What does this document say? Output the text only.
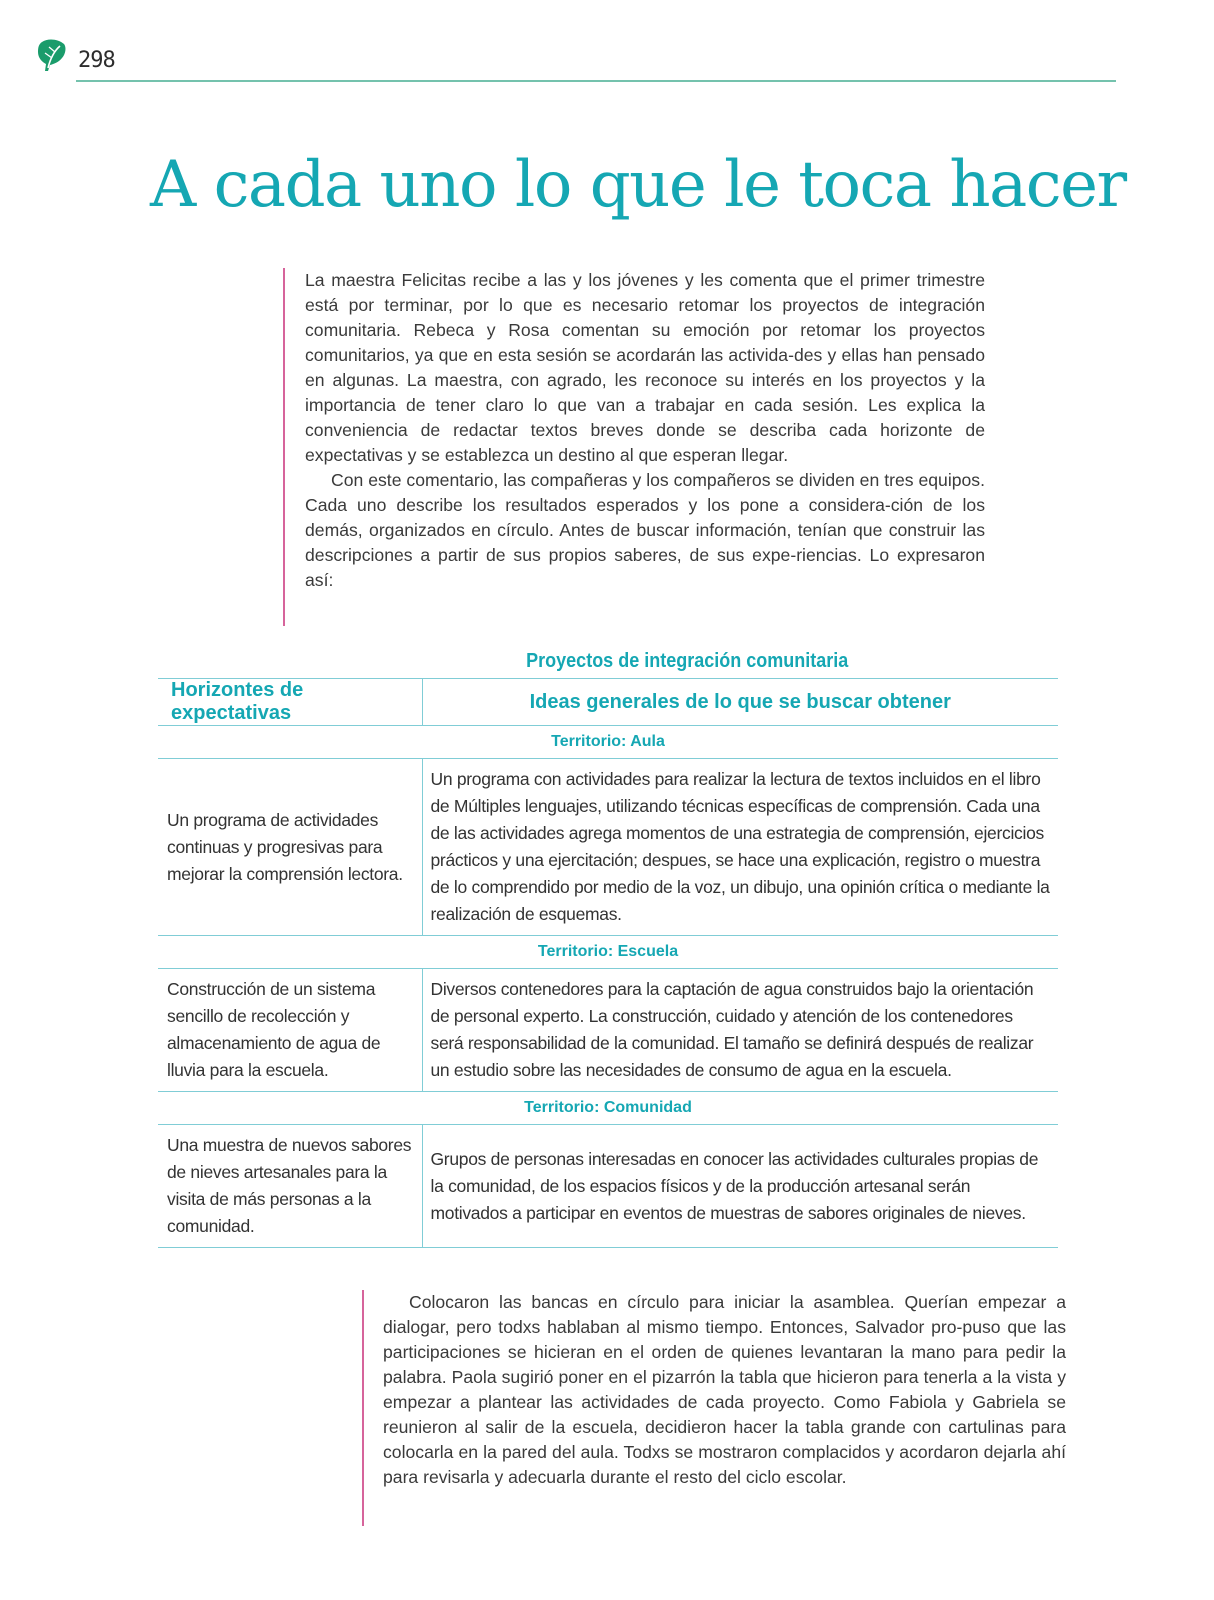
298
A cada uno lo que le toca hacer

La maestra Felicitas recibe a las y los jóvenes y les comenta que el primer trimestre está por terminar, por lo que es necesario retomar los proyectos de integración comunitaria. Rebeca y Rosa comentan su emoción por retomar los proyectos comunitarios, ya que en esta sesión se acordarán las activida-des y ellas han pensado en algunas. La maestra, con agrado, les reconoce su interés en los proyectos y la importancia de tener claro lo que van a trabajar en cada sesión. Les explica la conveniencia de redactar textos breves donde se describa cada horizonte de expectativas y se establezca un destino al que esperan llegar.

Con este comentario, las compañeras y los compañeros se dividen en tres equipos. Cada uno describe los resultados esperados y los pone a considera-ción de los demás, organizados en círculo. Antes de buscar información, tenían que construir las descripciones a partir de sus propios saberes, de sus expe-riencias. Lo expresaron así:

Proyectos de integración comunitaria
Horizontes de expectativas	Ideas generales de lo que se buscar obtener
Territorio: Aula	
Un programa de actividades continuas y progresivas para mejorar la comprensión lectora.	Un programa con actividades para realizar la lectura de textos incluidos en el libro de Múltiples lenguajes, utilizando técnicas específicas de comprensión. Cada una de las actividades agrega momentos de una estrategia de comprensión, ejercicios prácticos y una ejercitación; despues, se hace una explicación, registro o muestra de lo comprendido por medio de la voz, un dibujo, una opinión crítica o mediante la realización de esquemas.
Territorio: Escuela	
Construcción de un sistema sencillo de recolección y almacenamiento de agua de lluvia para la escuela.	Diversos contenedores para la captación de agua construidos bajo la orientación de personal experto. La construcción, cuidado y atención de los contenedores será responsabilidad de la comunidad. El tamaño se definirá después de realizar un estudio sobre las necesidades de consumo de agua en la escuela.
Territorio: Comunidad	
Una muestra de nuevos sabores de nieves artesanales para la visita de más personas a la comunidad.	Grupos de personas interesadas en conocer las actividades culturales propias de la comunidad, de los espacios físicos y de la producción artesanal serán motivados a participar en eventos de muestras de sabores originales de nieves.

Colocaron las bancas en círculo para iniciar la asamblea. Querían empezar a dialogar, pero todxs hablaban al mismo tiempo. Entonces, Salvador pro-puso que las participaciones se hicieran en el orden de quienes levantaran la mano para pedir la palabra. Paola sugirió poner en el pizarrón la tabla que hicieron para tenerla a la vista y empezar a plantear las actividades de cada proyecto. Como Fabiola y Gabriela se reunieron al salir de la escuela, decidieron hacer la tabla grande con cartulinas para colocarla en la pared del aula. Todxs se mostraron complacidos y acordaron dejarla ahí para revisarla y adecuarla durante el resto del ciclo escolar.
